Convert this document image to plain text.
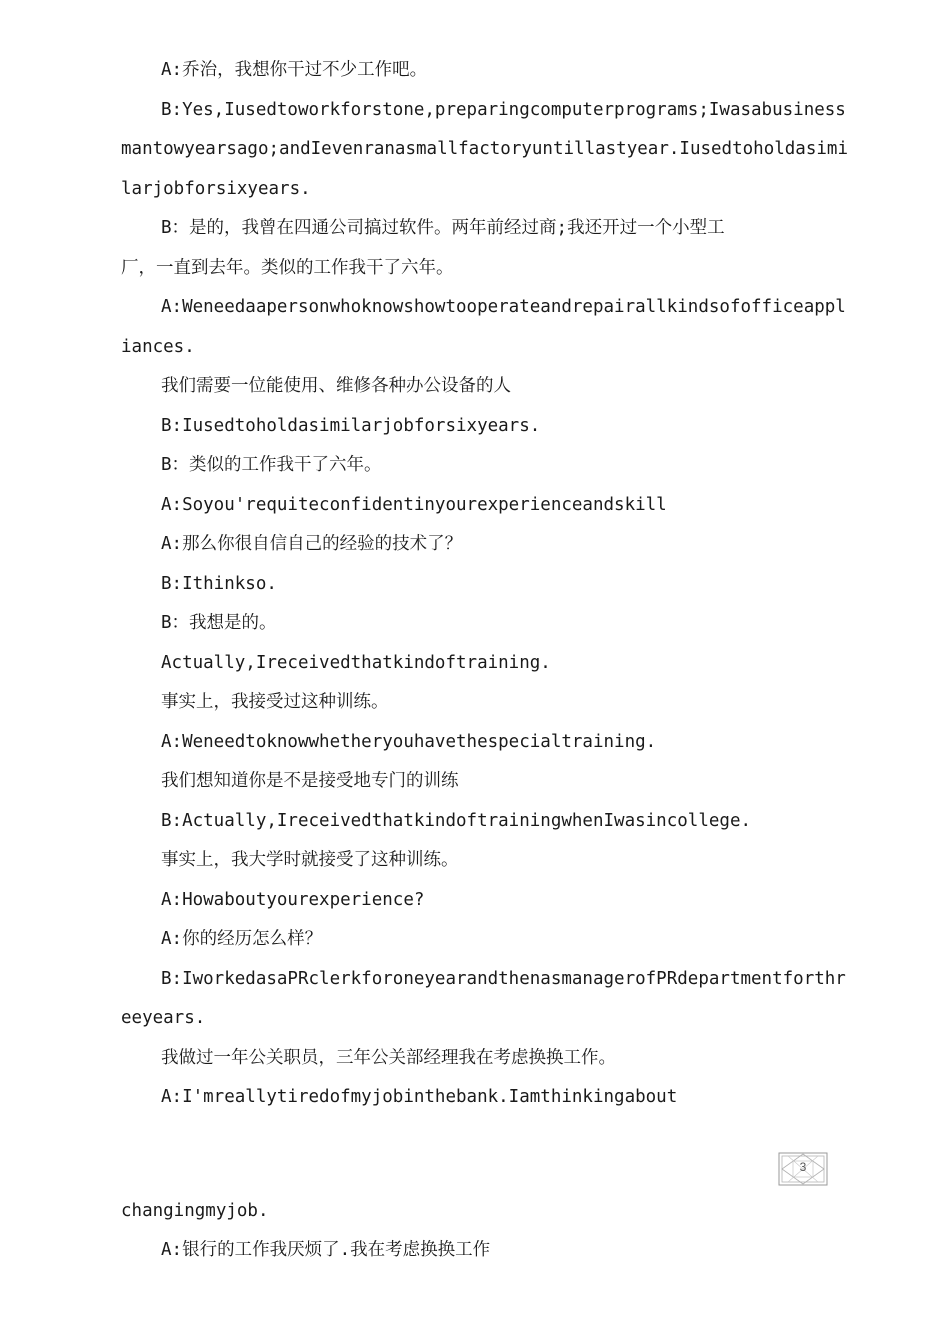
A:乔治，我想你干过不少工作吧。
B:Yes,Iusedtoworkforstone,preparingcomputerprograms;Iwasabusiness
mantowyearsago;andIevenranasmallfactoryuntillastyear.Iusedtoholdasimi
larjobforsixyears.
B：是的，我曾在四通公司搞过软件。两年前经过商;我还开过一个小型工
厂，一直到去年。类似的工作我干了六年。
A:Weneedaapersonwhoknowshowtooperateandrepairallkindsofofficeappl
iances.
我们需要一位能使用、维修各种办公设备的人
B:Iusedtoholdasimilarjobforsixyears.
B：类似的工作我干了六年。
A:Soyou'requiteconfidentinyourexperienceandskill
A:那么你很自信自己的经验的技术了？
B:Ithinkso.
B：我想是的。
Actually,Ireceivedthatkindoftraining.
事实上，我接受过这种训练。
A:Weneedtoknowwhetheryouhavethespecialtraining.
我们想知道你是不是接受地专门的训练
B:Actually,IreceivedthatkindoftrainingwhenIwasincollege.
事实上，我大学时就接受了这种训练。
A:Howaboutyourexperience?
A:你的经历怎么样？
B:IworkedasaPRclerkforoneyearandthenasmanagerofPRdepartmentforthr
eeyears.
我做过一年公关职员，三年公关部经理我在考虑换换工作。
A:I'mreallytiredofmyjobinthebank.Iamthinkingabout
3
changingmyjob.
A:银行的工作我厌烦了.我在考虑换换工作
